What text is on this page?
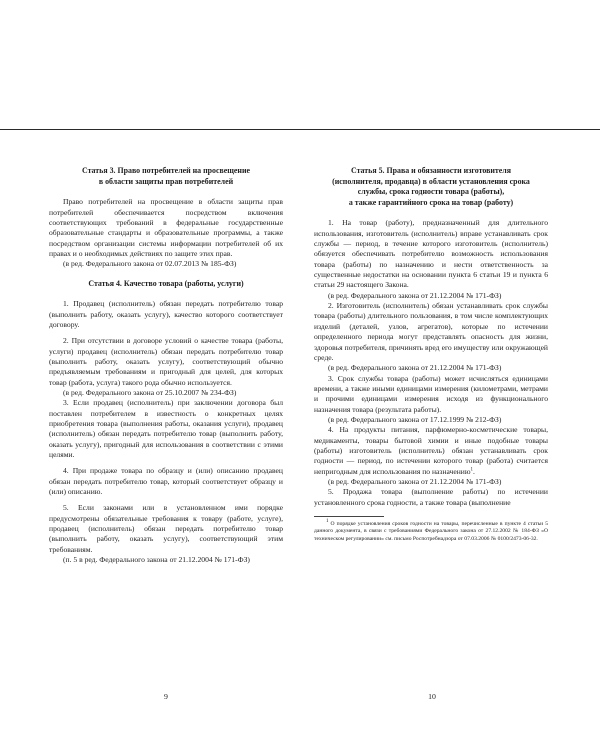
Статья 3. Право потребителей на просвещение
в области защиты прав потребителей

Право потребителей на просвещение в области защиты прав потребителей обеспечивается посредством включения соответствующих требований в федеральные государственные образовательные стандарты и образовательные программы, а также посредством организации системы информации потребителей об их правах и о необходимых действиях по защите этих прав.

(в ред. Федерального закона от 02.07.2013 № 185-ФЗ)

Статья 4. Качество товара (работы, услуги)

1. Продавец (исполнитель) обязан передать потребителю товар (выполнить работу, оказать услугу), качество которого соответствует договору.

2. При отсутствии в договоре условий о качестве товара (работы, услуги) продавец (исполнитель) обязан передать потребителю товар (выполнить работу, оказать услугу), соответствующий обычно предъявляемым требованиям и пригодный для целей, для которых товар (работа, услуга) такого рода обычно используется.

(в ред. Федерального закона от 25.10.2007 № 234-ФЗ)

3. Если продавец (исполнитель) при заключении договора был поставлен потребителем в известность о конкретных целях приобретения товара (выполнения работы, оказания услуги), продавец (исполнитель) обязан передать потребителю товар (выполнить работу, оказать услугу), пригодный для использования в соответствии с этими целями.

4. При продаже товара по образцу и (или) описанию продавец обязан передать потребителю товар, который соответствует образцу и (или) описанию.

5. Если законами или в установленном ими порядке предусмотрены обязательные требования к товару (работе, услуге), продавец (исполнитель) обязан передать потребителю товар (выполнить работу, оказать услугу), соответствующий этим требованиям.

(п. 5 в ред. Федерального закона от 21.12.2004 № 171-ФЗ)

9
Статья 5. Права и обязанности изготовителя
(исполнителя, продавца) в области установления срока
службы, срока годности товара (работы),
а также гарантийного срока на товар (работу)

1. На товар (работу), предназначенный для длительного использования, изготовитель (исполнитель) вправе устанавливать срок службы — период, в течение которого изготовитель (исполнитель) обязуется обеспечивать потребителю возможность использования товара (работы) по назначению и нести ответственность за существенные недостатки на основании пункта 6 статьи 19 и пункта 6 статьи 29 настоящего Закона.

(в ред. Федерального закона от 21.12.2004 № 171-ФЗ)

2. Изготовитель (исполнитель) обязан устанавливать срок службы товара (работы) длительного пользования, в том числе комплектующих изделий (деталей, узлов, агрегатов), которые по истечении определенного периода могут представлять опасность для жизни, здоровья потребителя, причинять вред его имуществу или окружающей среде.

(в ред. Федерального закона от 21.12.2004 № 171-ФЗ)

3. Срок службы товара (работы) может исчисляться единицами времени, а также иными единицами измерения (километрами, метрами и прочими единицами измерения исходя из функционального назначения товара (результата работы).

(в ред. Федерального закона от 17.12.1999 № 212-ФЗ)

4. На продукты питания, парфюмерно-косметические товары, медикаменты, товары бытовой химии и иные подобные товары (работы) изготовитель (исполнитель) обязан устанавливать срок годности — период, по истечении которого товар (работа) считается непригодным для использования по назначению$^1$.

(в ред. Федерального закона от 21.12.2004 № 171-ФЗ)

5. Продажа товара (выполнение работы) по истечении установленного срока годности, а также товара (выполнение

1 О порядке установления сроков годности на товары, перечисленные в пункте 4 статьи 5 данного документа, в связи с требованиями Федерального закона от 27.12.2002 № 184-ФЗ «О техническом регулировании» см. письмо Роспотребнадзора от 07.03.2006 № 0100/2473-06-32.

10
